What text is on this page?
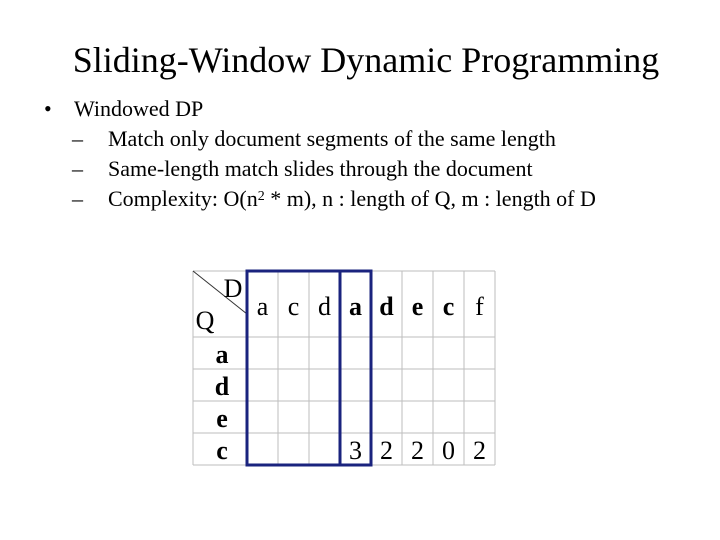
Sliding-Window Dynamic Programming
• Windowed DP
– Match only document segments of the same length
– Same-length match slides through the document
– Complexity: $O(n^2 * m)$, n : length of Q, m : length of D
D
Q a c d a d e c f
a
d
e
c	3 2 2 0 2
